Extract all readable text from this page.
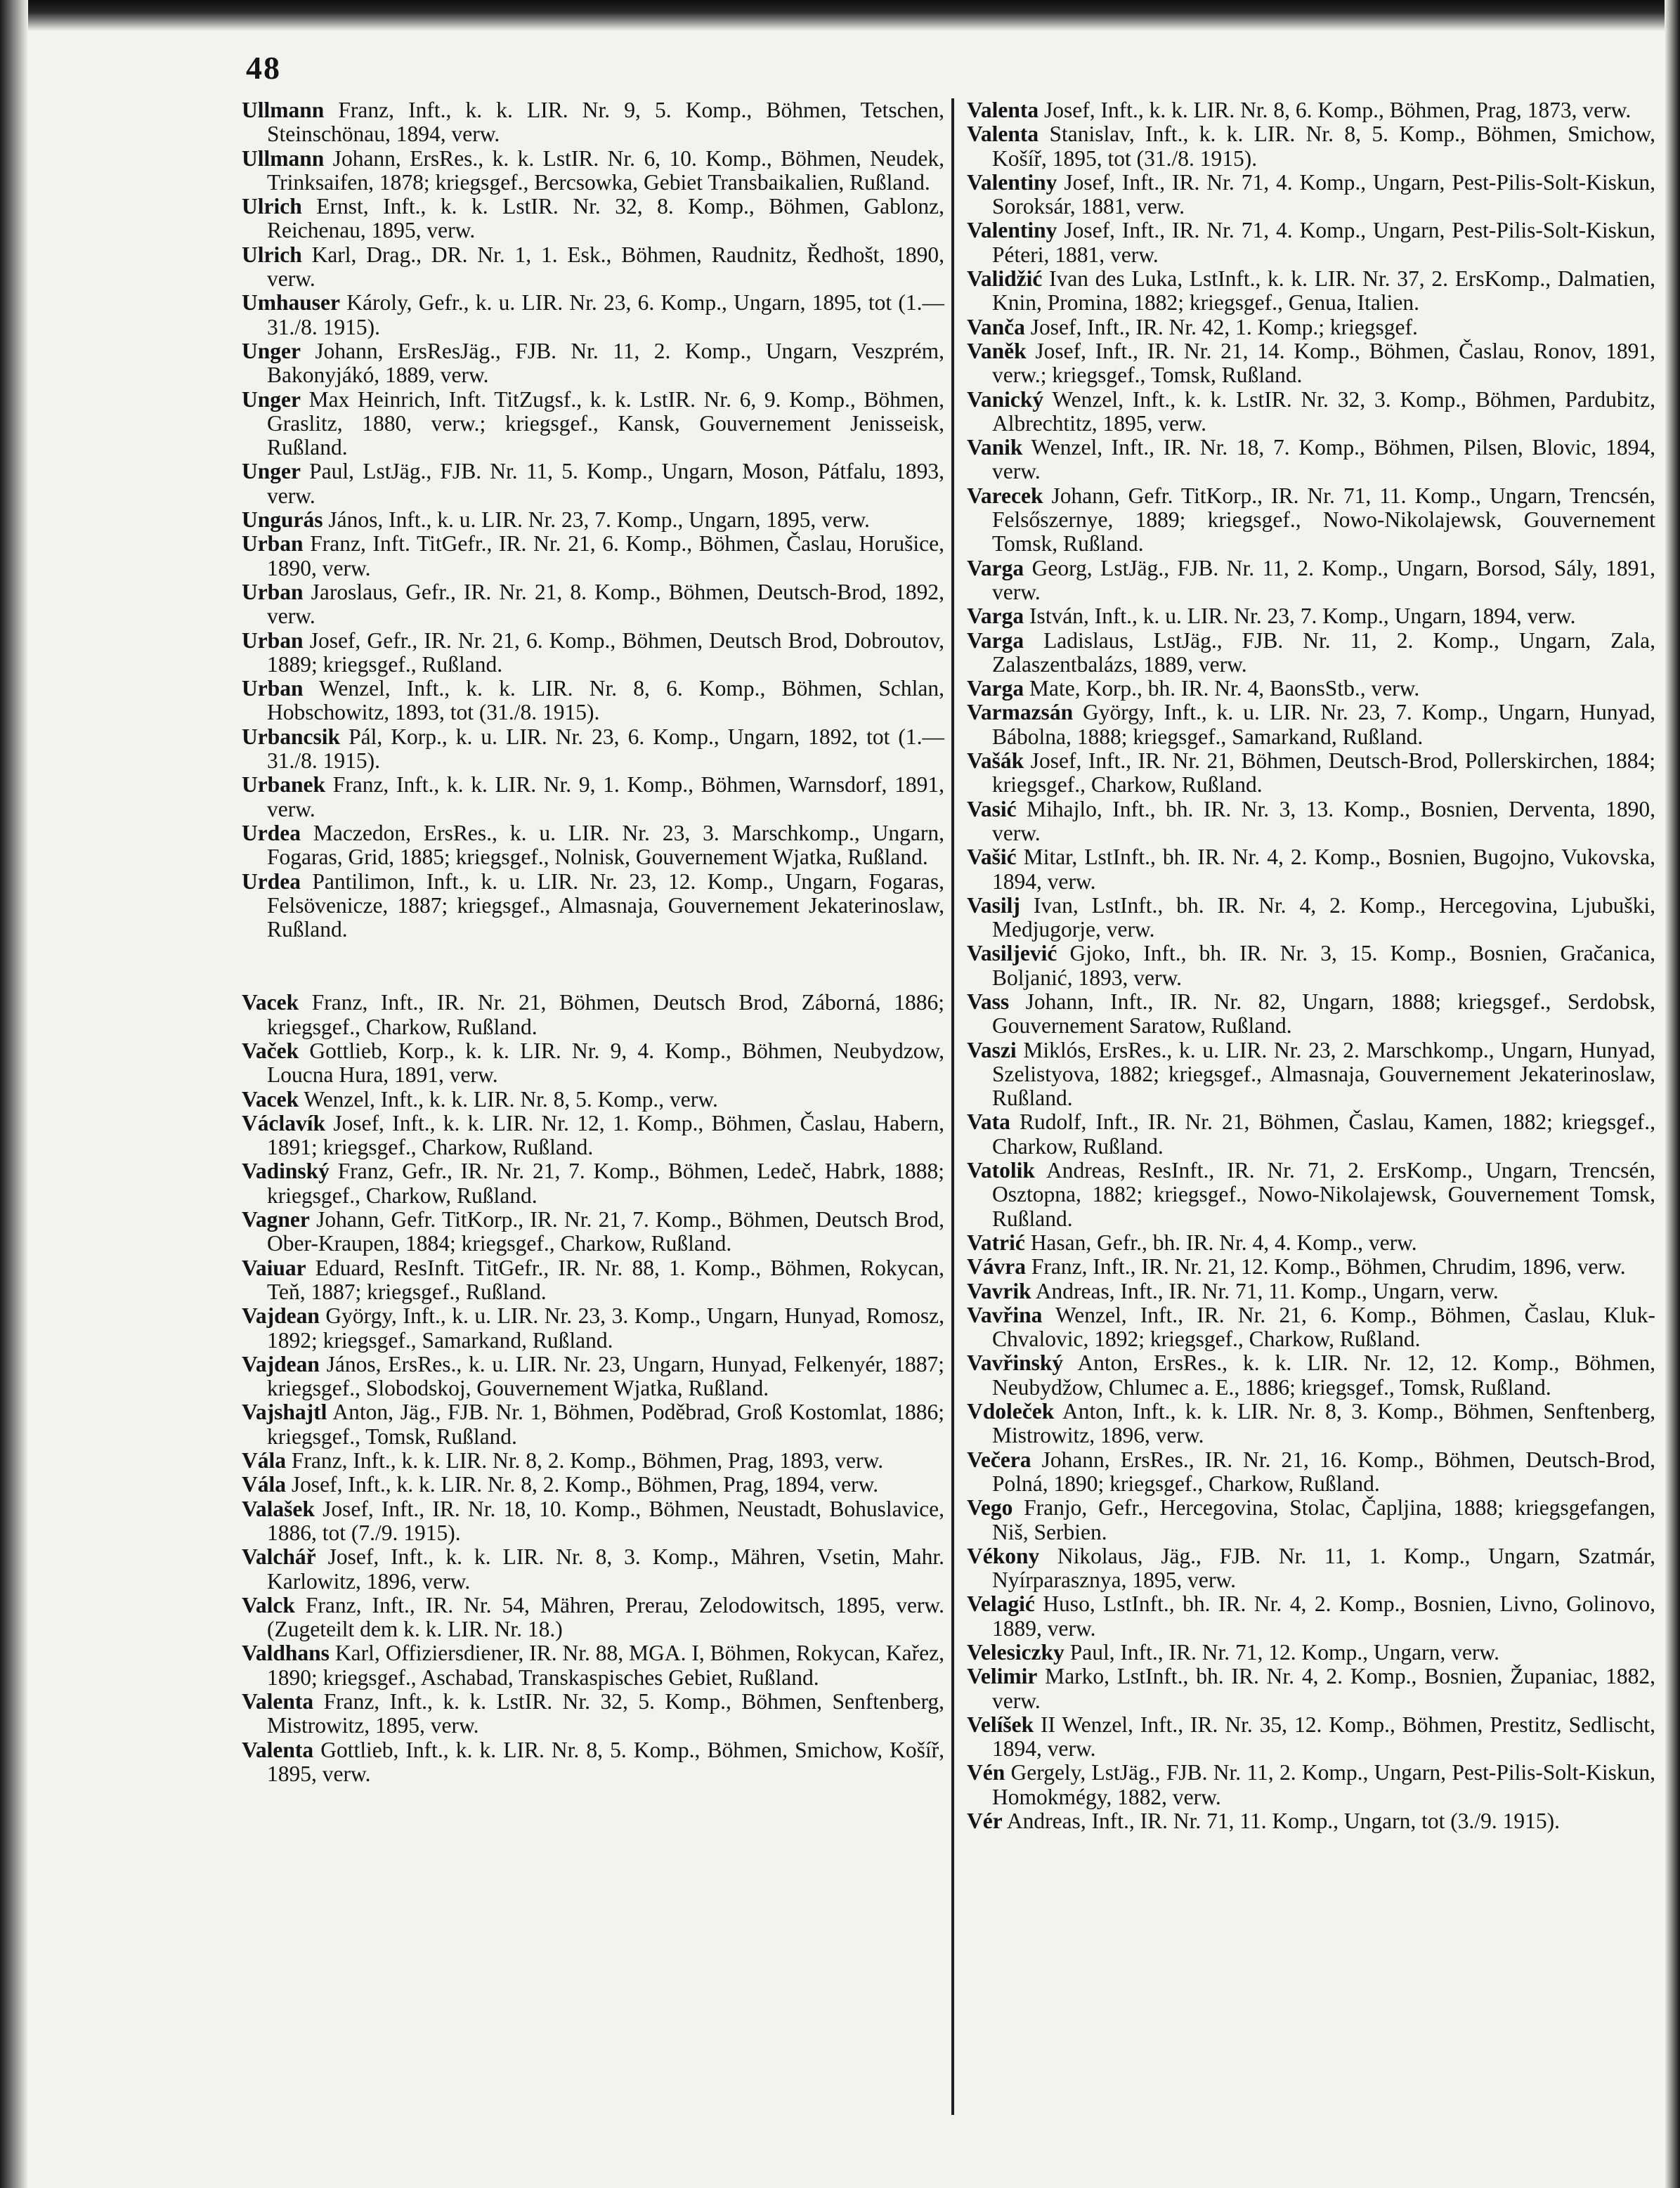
48

Ullmann Franz, Inft., k. k. LIR. Nr. 9, 5. Komp., Böhmen, Tetschen, Steinschönau, 1894, verw.

Ullmann Johann, ErsRes., k. k. LstIR. Nr. 6, 10. Komp., Böhmen, Neudek, Trinksaifen, 1878; kriegsgef., Bercsowka, Gebiet Transbaikalien, Rußland.

Ulrich Ernst, Inft., k. k. LstIR. Nr. 32, 8. Komp., Böhmen, Gablonz, Reichenau, 1895, verw.

Ulrich Karl, Drag., DR. Nr. 1, 1. Esk., Böhmen, Raudnitz, Ředhošt, 1890, verw.

Umhauser Károly, Gefr., k. u. LIR. Nr. 23, 6. Komp., Ungarn, 1895, tot (1.—31./8. 1915).

Unger Johann, ErsResJäg., FJB. Nr. 11, 2. Komp., Ungarn, Veszprém, Bakonyjákó, 1889, verw.

Unger Max Heinrich, Inft. TitZugsf., k. k. LstIR. Nr. 6, 9. Komp., Böhmen, Graslitz, 1880, verw.; kriegsgef., Kansk, Gouvernement Jenisseisk, Rußland.

Unger Paul, LstJäg., FJB. Nr. 11, 5. Komp., Ungarn, Moson, Pátfalu, 1893, verw.

Ungurás János, Inft., k. u. LIR. Nr. 23, 7. Komp., Ungarn, 1895, verw.

Urban Franz, Inft. TitGefr., IR. Nr. 21, 6. Komp., Böhmen, Časlau, Horušice, 1890, verw.

Urban Jaroslaus, Gefr., IR. Nr. 21, 8. Komp., Böhmen, Deutsch-Brod, 1892, verw.

Urban Josef, Gefr., IR. Nr. 21, 6. Komp., Böhmen, Deutsch Brod, Dobroutov, 1889; kriegsgef., Rußland.

Urban Wenzel, Inft., k. k. LIR. Nr. 8, 6. Komp., Böhmen, Schlan, Hobschowitz, 1893, tot (31./8. 1915).

Urbancsik Pál, Korp., k. u. LIR. Nr. 23, 6. Komp., Ungarn, 1892, tot (1.—31./8. 1915).

Urbanek Franz, Inft., k. k. LIR. Nr. 9, 1. Komp., Böhmen, Warnsdorf, 1891, verw.

Urdea Maczedon, ErsRes., k. u. LIR. Nr. 23, 3. Marschkomp., Ungarn, Fogaras, Grid, 1885; kriegsgef., Nolnisk, Gouvernement Wjatka, Rußland.

Urdea Pantilimon, Inft., k. u. LIR. Nr. 23, 12. Komp., Ungarn, Fogaras, Felsövenicze, 1887; kriegsgef., Almasnaja, Gouvernement Jekaterinoslaw, Rußland.

Vacek Franz, Inft., IR. Nr. 21, Böhmen, Deutsch Brod, Záborná, 1886; kriegsgef., Charkow, Rußland.

Vaček Gottlieb, Korp., k. k. LIR. Nr. 9, 4. Komp., Böhmen, Neubydzow, Loucna Hura, 1891, verw.

Vacek Wenzel, Inft., k. k. LIR. Nr. 8, 5. Komp., verw.

Václavík Josef, Inft., k. k. LIR. Nr. 12, 1. Komp., Böhmen, Časlau, Habern, 1891; kriegsgef., Charkow, Rußland.

Vadinský Franz, Gefr., IR. Nr. 21, 7. Komp., Böhmen, Ledeč, Habrk, 1888; kriegsgef., Charkow, Rußland.

Vagner Johann, Gefr. TitKorp., IR. Nr. 21, 7. Komp., Böhmen, Deutsch Brod, Ober-Kraupen, 1884; kriegsgef., Charkow, Rußland.

Vaiuar Eduard, ResInft. TitGefr., IR. Nr. 88, 1. Komp., Böhmen, Rokycan, Teň, 1887; kriegsgef., Rußland.

Vajdean György, Inft., k. u. LIR. Nr. 23, 3. Komp., Ungarn, Hunyad, Romosz, 1892; kriegsgef., Samarkand, Rußland.

Vajdean János, ErsRes., k. u. LIR. Nr. 23, Ungarn, Hunyad, Felkenyér, 1887; kriegsgef., Slobodskoj, Gouvernement Wjatka, Rußland.

Vajshajtl Anton, Jäg., FJB. Nr. 1, Böhmen, Poděbrad, Groß Kostomlat, 1886; kriegsgef., Tomsk, Rußland.

Vála Franz, Inft., k. k. LIR. Nr. 8, 2. Komp., Böhmen, Prag, 1893, verw.

Vála Josef, Inft., k. k. LIR. Nr. 8, 2. Komp., Böhmen, Prag, 1894, verw.

Valašek Josef, Inft., IR. Nr. 18, 10. Komp., Böhmen, Neustadt, Bohuslavice, 1886, tot (7./9. 1915).

Valchář Josef, Inft., k. k. LIR. Nr. 8, 3. Komp., Mähren, Vsetin, Mahr. Karlowitz, 1896, verw.

Valck Franz, Inft., IR. Nr. 54, Mähren, Prerau, Zelodowitsch, 1895, verw. (Zugeteilt dem k. k. LIR. Nr. 18.)

Valdhans Karl, Offiziersdiener, IR. Nr. 88, MGA. I, Böhmen, Rokycan, Kařez, 1890; kriegsgef., Aschabad, Transkaspisches Gebiet, Rußland.

Valenta Franz, Inft., k. k. LstIR. Nr. 32, 5. Komp., Böhmen, Senftenberg, Mistrowitz, 1895, verw.

Valenta Gottlieb, Inft., k. k. LIR. Nr. 8, 5. Komp., Böhmen, Smichow, Košíř, 1895, verw.

Valenta Josef, Inft., k. k. LIR. Nr. 8, 6. Komp., Böhmen, Prag, 1873, verw.

Valenta Stanislav, Inft., k. k. LIR. Nr. 8, 5. Komp., Böhmen, Smichow, Košíř, 1895, tot (31./8. 1915).

Valentiny Josef, Inft., IR. Nr. 71, 4. Komp., Ungarn, Pest-Pilis-Solt-Kiskun, Soroksár, 1881, verw.

Valentiny Josef, Inft., IR. Nr. 71, 4. Komp., Ungarn, Pest-Pilis-Solt-Kiskun, Péteri, 1881, verw.

Validžić Ivan des Luka, LstInft., k. k. LIR. Nr. 37, 2. ErsKomp., Dalmatien, Knin, Promina, 1882; kriegsgef., Genua, Italien.

Vanča Josef, Inft., IR. Nr. 42, 1. Komp.; kriegsgef.

Vaněk Josef, Inft., IR. Nr. 21, 14. Komp., Böhmen, Časlau, Ronov, 1891, verw.; kriegsgef., Tomsk, Rußland.

Vanický Wenzel, Inft., k. k. LstIR. Nr. 32, 3. Komp., Böhmen, Pardubitz, Albrechtitz, 1895, verw.

Vanik Wenzel, Inft., IR. Nr. 18, 7. Komp., Böhmen, Pilsen, Blovic, 1894, verw.

Varecek Johann, Gefr. TitKorp., IR. Nr. 71, 11. Komp., Ungarn, Trencsén, Felsőszernye, 1889; kriegsgef., Nowo-Nikolajewsk, Gouvernement Tomsk, Rußland.

Varga Georg, LstJäg., FJB. Nr. 11, 2. Komp., Ungarn, Borsod, Sály, 1891, verw.

Varga István, Inft., k. u. LIR. Nr. 23, 7. Komp., Ungarn, 1894, verw.

Varga Ladislaus, LstJäg., FJB. Nr. 11, 2. Komp., Ungarn, Zala, Zalaszentbalázs, 1889, verw.

Varga Mate, Korp., bh. IR. Nr. 4, BaonsStb., verw.

Varmazsán György, Inft., k. u. LIR. Nr. 23, 7. Komp., Ungarn, Hunyad, Bábolna, 1888; kriegsgef., Samarkand, Rußland.

Vašák Josef, Inft., IR. Nr. 21, Böhmen, Deutsch-Brod, Pollerskirchen, 1884; kriegsgef., Charkow, Rußland.

Vasić Mihajlo, Inft., bh. IR. Nr. 3, 13. Komp., Bosnien, Derventa, 1890, verw.

Vašić Mitar, LstInft., bh. IR. Nr. 4, 2. Komp., Bosnien, Bugojno, Vukovska, 1894, verw.

Vasilj Ivan, LstInft., bh. IR. Nr. 4, 2. Komp., Hercegovina, Ljubuški, Medjugorje, verw.

Vasiljević Gjoko, Inft., bh. IR. Nr. 3, 15. Komp., Bosnien, Gračanica, Boljanić, 1893, verw.

Vass Johann, Inft., IR. Nr. 82, Ungarn, 1888; kriegsgef., Serdobsk, Gouvernement Saratow, Rußland.

Vaszi Miklós, ErsRes., k. u. LIR. Nr. 23, 2. Marschkomp., Ungarn, Hunyad, Szelistyova, 1882; kriegsgef., Almasnaja, Gouvernement Jekaterinoslaw, Rußland.

Vata Rudolf, Inft., IR. Nr. 21, Böhmen, Časlau, Kamen, 1882; kriegsgef., Charkow, Rußland.

Vatolik Andreas, ResInft., IR. Nr. 71, 2. ErsKomp., Ungarn, Trencsén, Osztopna, 1882; kriegsgef., Nowo-Nikolajewsk, Gouvernement Tomsk, Rußland.

Vatrić Hasan, Gefr., bh. IR. Nr. 4, 4. Komp., verw.

Vávra Franz, Inft., IR. Nr. 21, 12. Komp., Böhmen, Chrudim, 1896, verw.

Vavrik Andreas, Inft., IR. Nr. 71, 11. Komp., Ungarn, verw.

Vavřina Wenzel, Inft., IR. Nr. 21, 6. Komp., Böhmen, Časlau, Kluk-Chvalovic, 1892; kriegsgef., Charkow, Rußland.

Vavřinský Anton, ErsRes., k. k. LIR. Nr. 12, 12. Komp., Böhmen, Neubydžow, Chlumec a. E., 1886; kriegsgef., Tomsk, Rußland.

Vdoleček Anton, Inft., k. k. LIR. Nr. 8, 3. Komp., Böhmen, Senftenberg, Mistrowitz, 1896, verw.

Večera Johann, ErsRes., IR. Nr. 21, 16. Komp., Böhmen, Deutsch-Brod, Polná, 1890; kriegsgef., Charkow, Rußland.

Vego Franjo, Gefr., Hercegovina, Stolac, Čapljina, 1888; kriegsgefangen, Niš, Serbien.

Vékony Nikolaus, Jäg., FJB. Nr. 11, 1. Komp., Ungarn, Szatmár, Nyírparasznya, 1895, verw.

Velagić Huso, LstInft., bh. IR. Nr. 4, 2. Komp., Bosnien, Livno, Golinovo, 1889, verw.

Velesiczky Paul, Inft., IR. Nr. 71, 12. Komp., Ungarn, verw.

Velimir Marko, LstInft., bh. IR. Nr. 4, 2. Komp., Bosnien, Županiac, 1882, verw.

Velíšek II Wenzel, Inft., IR. Nr. 35, 12. Komp., Böhmen, Prestitz, Sedlischt, 1894, verw.

Vén Gergely, LstJäg., FJB. Nr. 11, 2. Komp., Ungarn, Pest-Pilis-Solt-Kiskun, Homokmégy, 1882, verw.

Vér Andreas, Inft., IR. Nr. 71, 11. Komp., Ungarn, tot (3./9. 1915).
